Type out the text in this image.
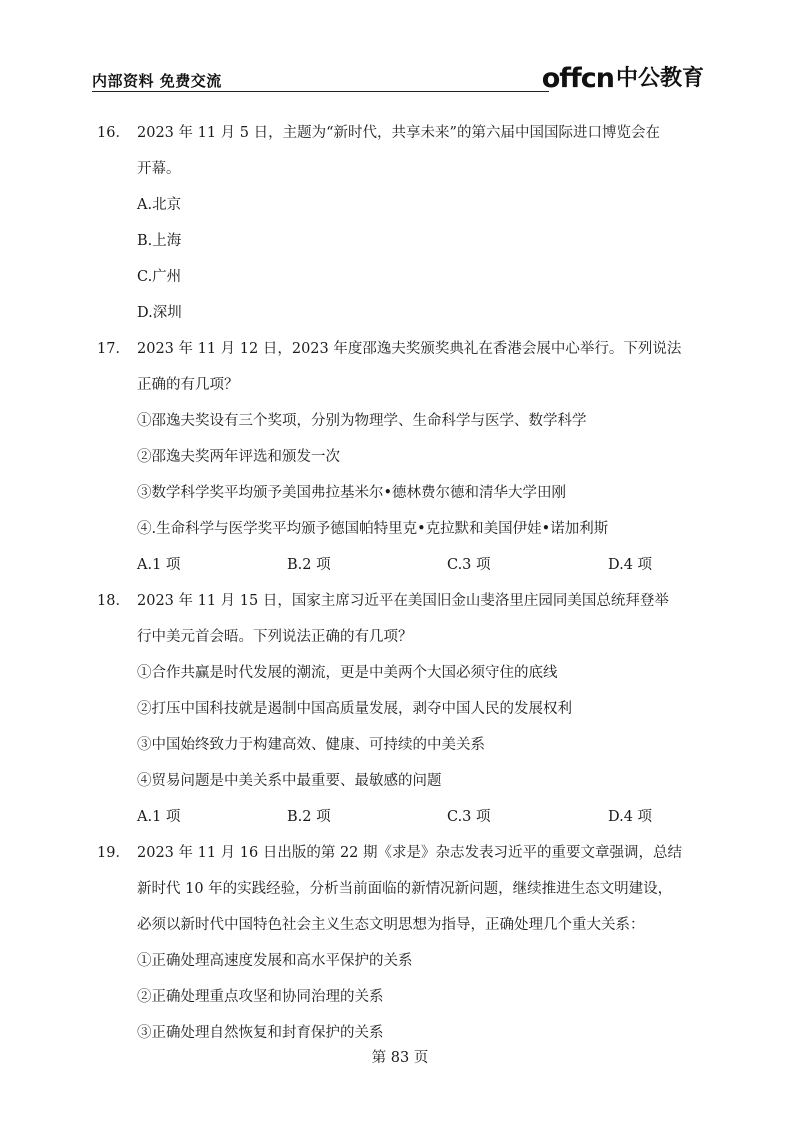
内部资料 免费交流	offcn 中公教育
16． 2023 年 11 月 5 日，主题为“新时代，共享未来”的第六届中国国际进口博览会在
开幕。
A.北京
B.上海
C.广州
D.深圳
17． 2023 年 11 月 12 日，2023 年度邵逸夫奖颁奖典礼在香港会展中心举行。下列说法
正确的有几项？
①邵逸夫奖设有三个奖项，分别为物理学、生命科学与医学、数学科学
②邵逸夫奖两年评选和颁发一次
③数学科学奖平均颁予美国弗拉基米尔•德林费尔德和清华大学田刚
④.生命科学与医学奖平均颁予德国帕特里克•克拉默和美国伊娃•诺加利斯
A.1 项	B.2 项	C.3 项	D.4 项
18． 2023 年 11 月 15 日，国家主席习近平在美国旧金山斐洛里庄园同美国总统拜登举
行中美元首会晤。下列说法正确的有几项？
①合作共赢是时代发展的潮流，更是中美两个大国必须守住的底线
②打压中国科技就是遏制中国高质量发展，剥夺中国人民的发展权利
③中国始终致力于构建高效、健康、可持续的中美关系
④贸易问题是中美关系中最重要、最敏感的问题
A.1 项	B.2 项	C.3 项	D.4 项
19． 2023 年 11 月 16 日出版的第 22 期《求是》杂志发表习近平的重要文章强调，总结
新时代 10 年的实践经验，分析当前面临的新情况新问题，继续推进生态文明建设，
必须以新时代中国特色社会主义生态文明思想为指导，正确处理几个重大关系：
①正确处理高速度发展和高水平保护的关系
②正确处理重点攻坚和协同治理的关系
③正确处理自然恢复和封育保护的关系
第 83 页
